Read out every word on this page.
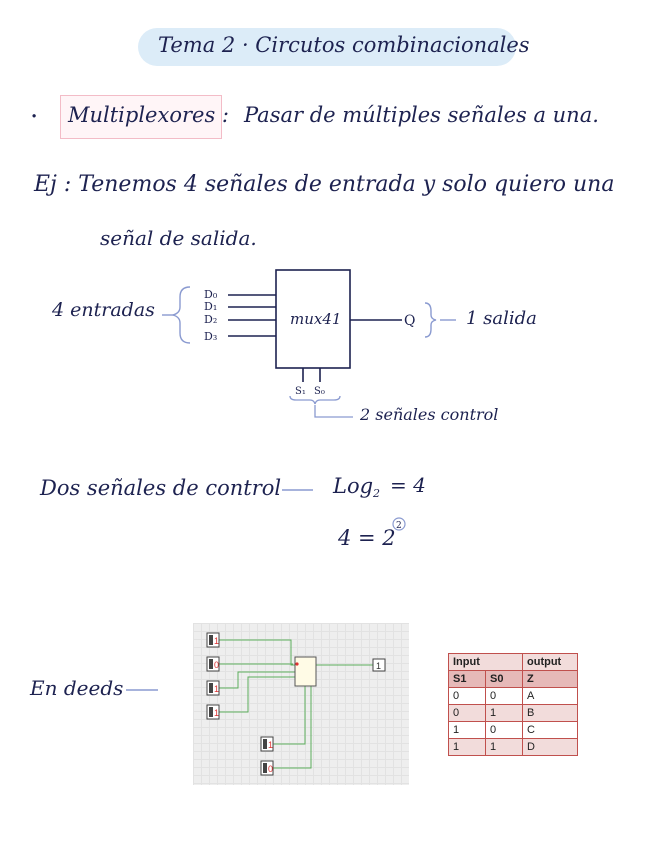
Tema 2 · Circutos combinacionales
· Multiplexores : Pasar de múltiples señales a una.
Ej : Tenemos 4 señales de entrada y solo quiero una
señal de salida.
D₀
D₁
D₂
D₃
mux41	Q
S₁ S₀
2 = 4
2
4 entradas	1 salida
2 señales control
Dos señales de control Log
4 = 2
En deeds
1
0
1
1
1
0
1	Input		output
S1	S0	Z
0	0	A
0	1	B
1	0	C
1	1	D
